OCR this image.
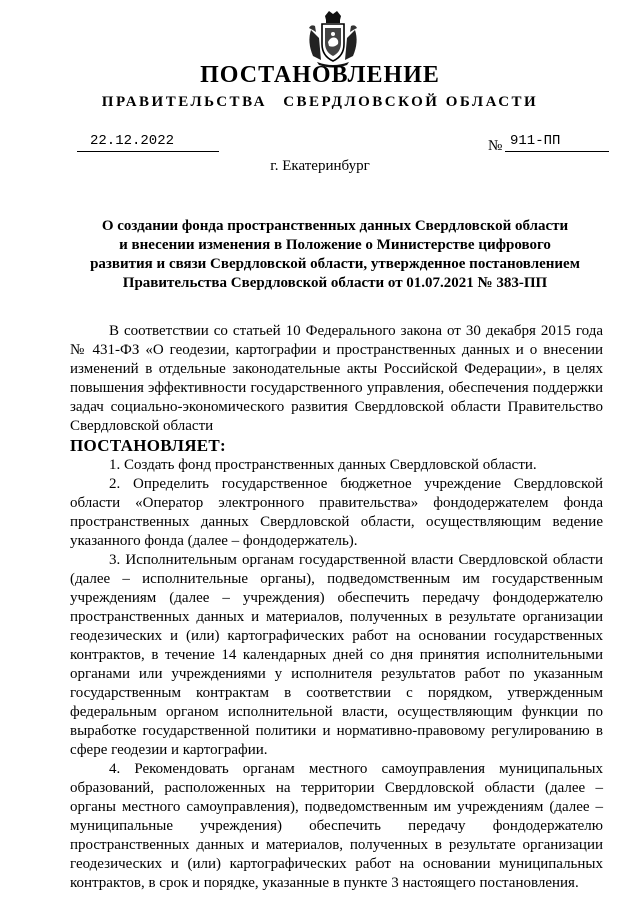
ПОСТАНОВЛЕНИЕ
ПРАВИТЕЛЬСТВА СВЕРДЛОВСКОЙ ОБЛАСТИ
22.12.2022	№ 911-ПП
г. Екатеринбург
О создании фонда пространственных данных Свердловской области
и внесении изменения в Положение о Министерстве цифрового
развития и связи Свердловской области, утвержденное постановлением
Правительства Свердловской области от 01.07.2021 № 383-ПП

В соответствии со статьей 10 Федерального закона от 30 декабря 2015 года № 431-ФЗ «О геодезии, картографии и пространственных данных и о внесении изменений в отдельные законодательные акты Российской Федерации», в целях повышения эффективности государственного управления, обеспечения поддержки задач социально-экономического развития Свердловской области Правительство Свердловской области

ПОСТАНОВЛЯЕТ:

1. Создать фонд пространственных данных Свердловской области.

2. Определить государственное бюджетное учреждение Свердловской области «Оператор электронного правительства» фондодержателем фонда пространственных данных Свердловской области, осуществляющим ведение указанного фонда (далее – фондодержатель).

3. Исполнительным органам государственной власти Свердловской области (далее – исполнительные органы), подведомственным им государственным учреждениям (далее – учреждения) обеспечить передачу фондодержателю пространственных данных и материалов, полученных в результате организации геодезических и (или) картографических работ на основании государственных контрактов, в течение 14 календарных дней со дня принятия исполнительными органами или учреждениями у исполнителя результатов работ по указанным государственным контрактам в соответствии с порядком, утвержденным федеральным органом исполнительной власти, осуществляющим функции по выработке государственной политики и нормативно-правовому регулированию в сфере геодезии и картографии.

4. Рекомендовать органам местного самоуправления муниципальных образований, расположенных на территории Свердловской области (далее – органы местного самоуправления), подведомственным им учреждениям (далее – муниципальные учреждения) обеспечить передачу фондодержателю пространственных данных и материалов, полученных в результате организации геодезических и (или) картографических работ на основании муниципальных контрактов, в срок и порядке, указанные в пункте 3 настоящего постановления.
